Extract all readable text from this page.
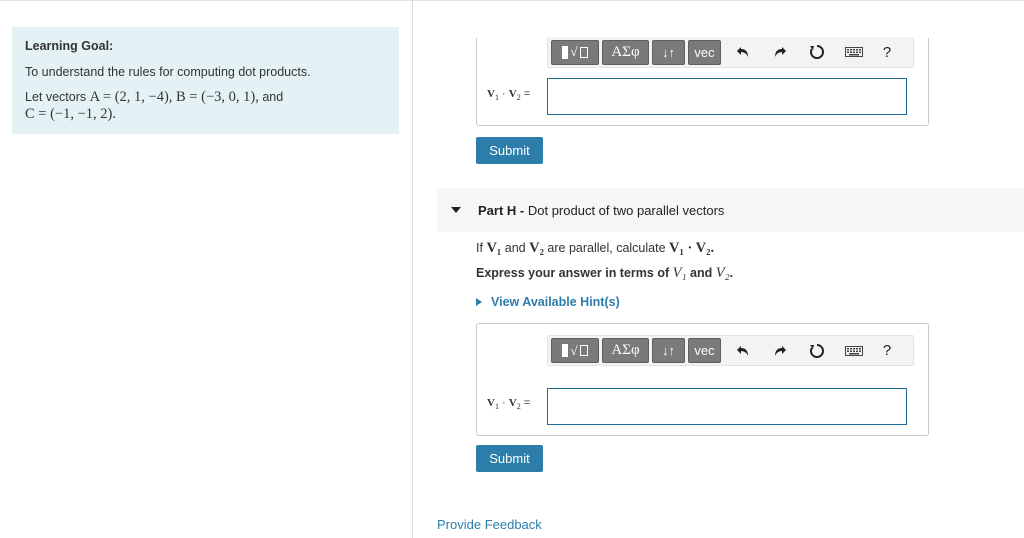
Learning Goal:
To understand the rules for computing dot products.
Let vectors A = (2, 1, −4), B = (−3, 0, 1), and
C = (−1, −1, 2).
√	ΑΣφ	↓↑	vec	?
$V_1 \cdot V_2$ =
Submit
Part H - Dot product of two parallel vectors
If V₁ and V₂ are parallel, calculate V₁ · V₂.
Express your answer in terms of V₁ and V₂.
View Available Hint(s)
√	ΑΣφ	↓↑	vec	?
$V_1 \cdot V_2$ =
Submit
Provide Feedback
